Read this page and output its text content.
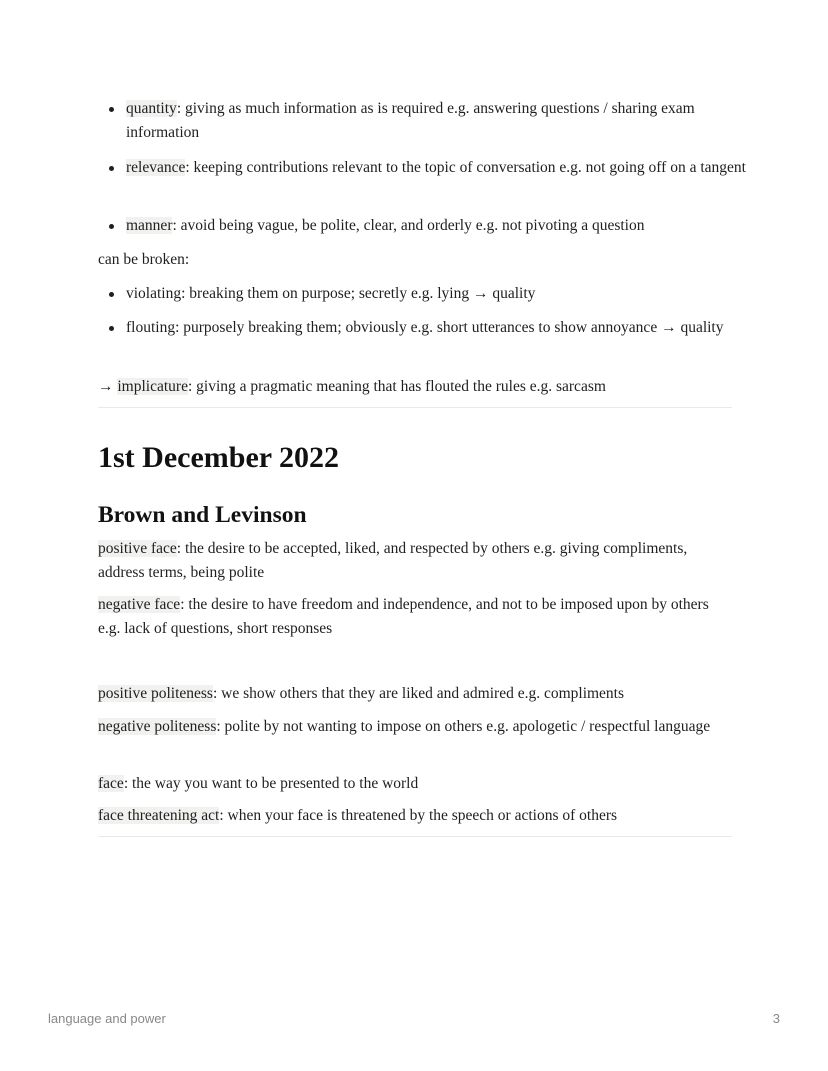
quantity: giving as much information as is required e.g. answering questions / sharing exam information
relevance: keeping contributions relevant to the topic of conversation e.g. not going off on a tangent
manner: avoid being vague, be polite, clear, and orderly e.g. not pivoting a question
can be broken:
violating: breaking them on purpose; secretly e.g. lying → quality
flouting: purposely breaking them; obviously e.g. short utterances to show annoyance → quality
→ implicature: giving a pragmatic meaning that has flouted the rules e.g. sarcasm
1st December 2022
Brown and Levinson
positive face: the desire to be accepted, liked, and respected by others e.g. giving compliments, address terms, being polite
negative face: the desire to have freedom and independence, and not to be imposed upon by others e.g. lack of questions, short responses
positive politeness: we show others that they are liked and admired e.g. compliments
negative politeness: polite by not wanting to impose on others e.g. apologetic / respectful language
face: the way you want to be presented to the world
face threatening act: when your face is threatened by the speech or actions of others
language and power	3
